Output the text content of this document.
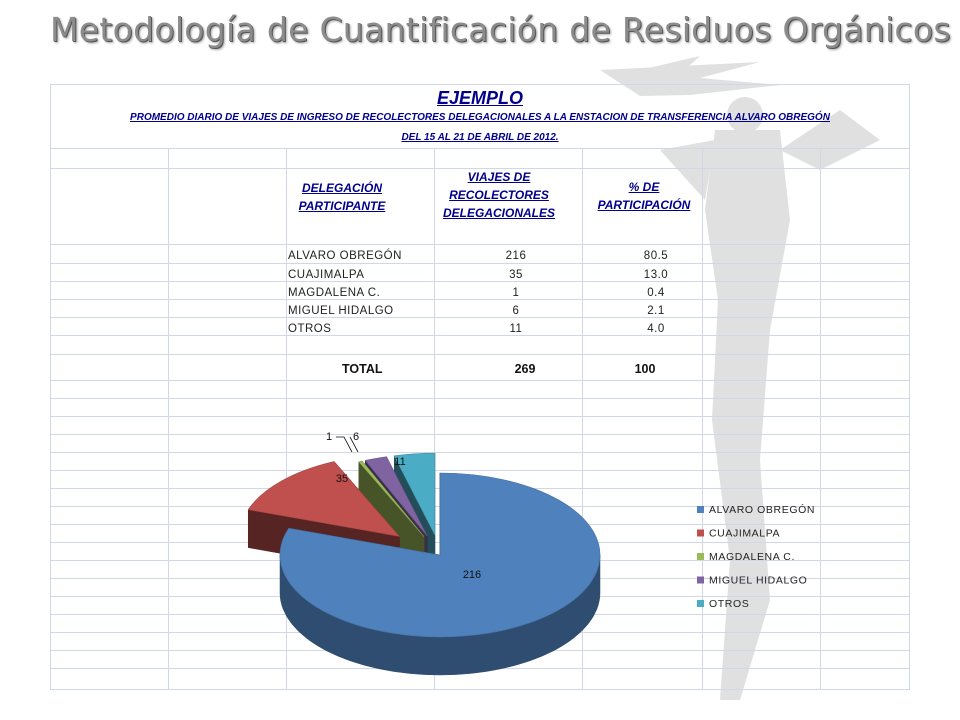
Metodología de Cuantificación de Residuos Orgánicos
EJEMPLO
PROMEDIO DIARIO DE VIAJES DE INGRESO DE RECOLECTORES DELEGACIONALES A LA ENSTACION DE TRANSFERENCIA ALVARO OBREGÓN
DEL 15 AL 21 DE ABRIL DE 2012.
DELEGACIÓN
PARTICIPANTE
VIAJES DE
RECOLECTORES
DELEGACIONALES
% DE
PARTICIPACIÓN
ALVARO OBREGÓN	216	80.5
CUAJIMALPA	35	13.0
MAGDALENA C.	1	0.4
MIGUEL HIDALGO	6	2.1
OTROS	11	4.0
TOTAL	269	100
216
35
1 6
11
ALVARO OBREGÓN
CUAJIMALPA
MAGDALENA C.
MIGUEL HIDALGO
OTROS
